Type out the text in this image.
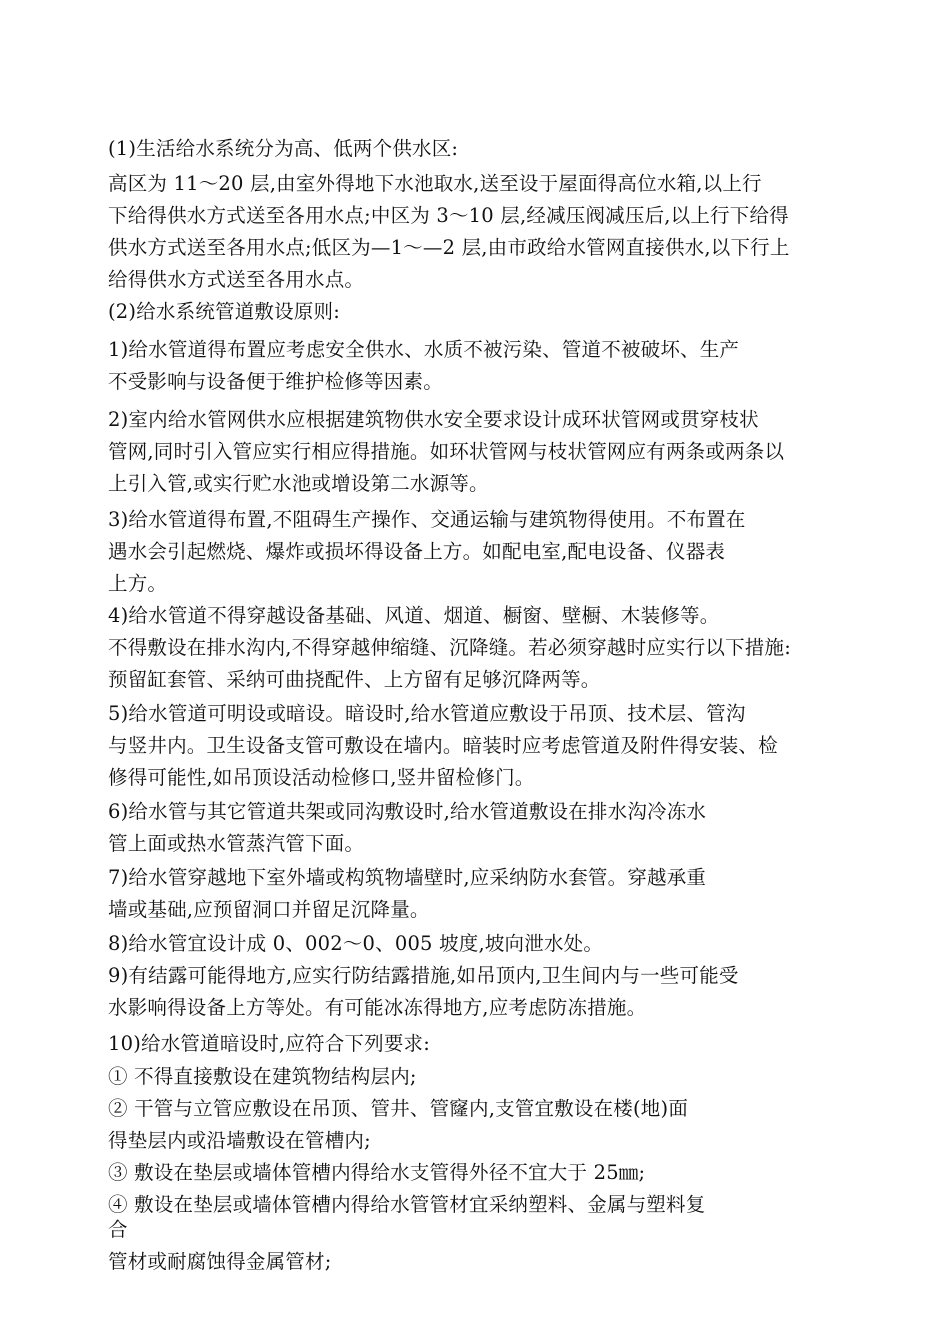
(1)生活给水系统分为高、低两个供水区:
高区为 11～20 层,由室外得地下水池取水,送至设于屋面得高位水箱,以上行
下给得供水方式送至各用水点;中区为 3～10 层,经减压阀减压后,以上行下给得
供水方式送至各用水点;低区为—1～—2 层,由市政给水管网直接供水,以下行上
给得供水方式送至各用水点。
(2)给水系统管道敷设原则:
1)给水管道得布置应考虑安全供水、水质不被污染、管道不被破坏、生产
不受影响与设备便于维护检修等因素。
2)室内给水管网供水应根据建筑物供水安全要求设计成环状管网或贯穿枝状
管网,同时引入管应实行相应得措施。如环状管网与枝状管网应有两条或两条以
上引入管,或实行贮水池或增设第二水源等。
3)给水管道得布置,不阻碍生产操作、交通运输与建筑物得使用。不布置在
遇水会引起燃烧、爆炸或损坏得设备上方。如配电室,配电设备、仪器表
上方。
4)给水管道不得穿越设备基础、风道、烟道、橱窗、壁橱、木装修等。
不得敷设在排水沟内,不得穿越伸缩缝、沉降缝。若必须穿越时应实行以下措施:
预留缸套管、采纳可曲挠配件、上方留有足够沉降两等。
5)给水管道可明设或暗设。暗设时,给水管道应敷设于吊顶、技术层、管沟
与竖井内。卫生设备支管可敷设在墙内。暗装时应考虑管道及附件得安装、检
修得可能性,如吊顶设活动检修口,竖井留检修门。
6)给水管与其它管道共架或同沟敷设时,给水管道敷设在排水沟冷冻水
管上面或热水管蒸汽管下面。
7)给水管穿越地下室外墙或构筑物墙壁时,应采纳防水套管。穿越承重
墙或基础,应预留洞口并留足沉降量。
8)给水管宜设计成 0、002～0、005 坡度,坡向泄水处。
9)有结露可能得地方,应实行防结露措施,如吊顶内,卫生间内与一些可能受
水影响得设备上方等处。有可能冰冻得地方,应考虑防冻措施。
10)给水管道暗设时,应符合下列要求:
① 不得直接敷设在建筑物结构层内;
② 干管与立管应敷设在吊顶、管井、管窿内,支管宜敷设在楼(地)面
得垫层内或沿墙敷设在管槽内;
③ 敷设在垫层或墙体管槽内得给水支管得外径不宜大于 25㎜;
④ 敷设在垫层或墙体管槽内得给水管管材宜采纳塑料、金属与塑料复
合
管材或耐腐蚀得金属管材;
